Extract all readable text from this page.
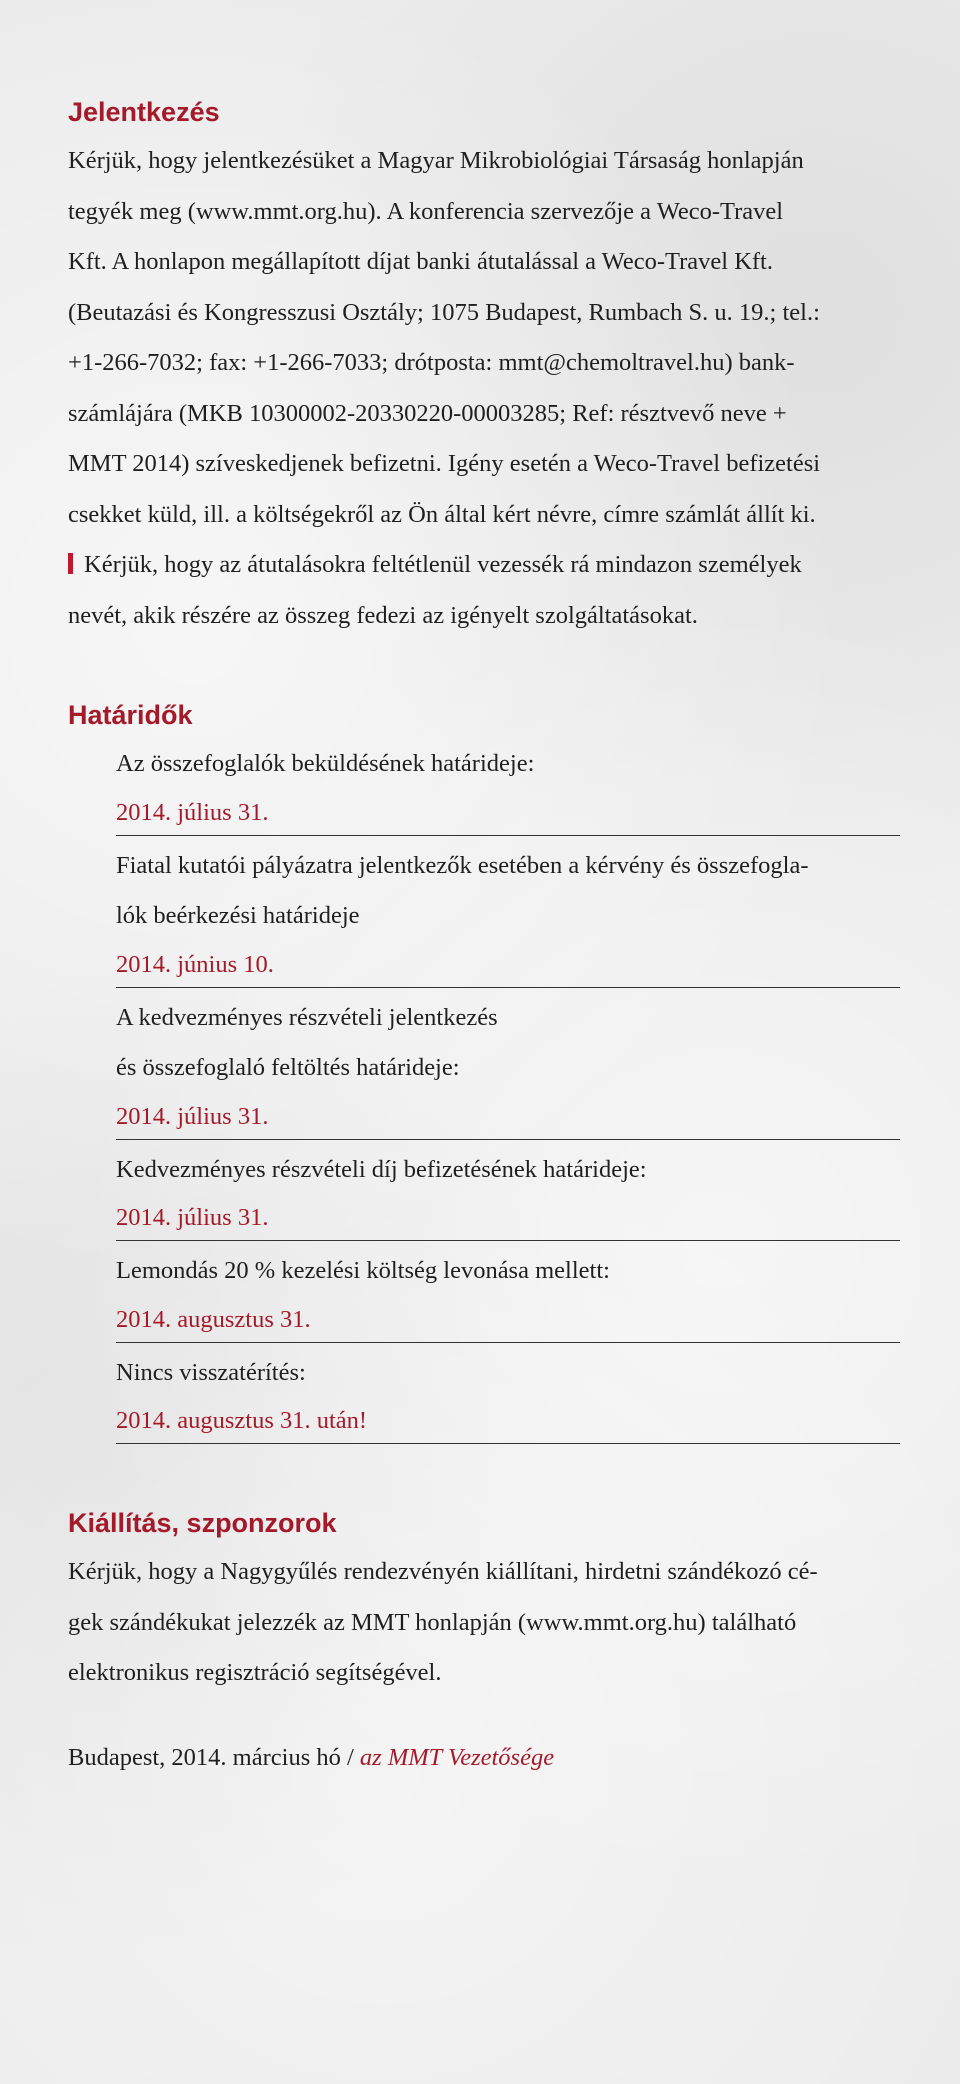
Jelentkezés

Kérjük, hogy jelentkezésüket a Magyar Mikrobiológiai Társaság honlapján

tegyék meg (www.mmt.org.hu). A konferencia szervezője a Weco-Travel

Kft. A honlapon megállapított díjat banki átutalással a Weco-Travel Kft.

(Beutazási és Kongresszusi Osztály; 1075 Budapest, Rumbach S. u. 19.; tel.:

+1-266-7032; fax: +1-266-7033; drótposta: mmt@chemoltravel.hu) bank-

számlájára (MKB 10300002-20330220-00003285; Ref: résztvevő neve +

MMT 2014) szíveskedjenek befizetni. Igény esetén a Weco-Travel befizetési

csekket küld, ill. a költségekről az Ön által kért névre, címre számlát állít ki.

Kérjük, hogy az átutalásokra feltétlenül vezessék rá mindazon személyek

nevét, akik részére az összeg fedezi az igényelt szolgáltatásokat.

Határidők

Az összefoglalók beküldésének határideje:

2014. július 31.

Fiatal kutatói pályázatra jelentkezők esetében a kérvény és összefogla-

lók beérkezési határideje

2014. június 10.

A kedvezményes részvételi jelentkezés

és összefoglaló feltöltés határideje:

2014. július 31.

Kedvezményes részvételi díj befizetésének határideje:

2014. július 31.

Lemondás 20 % kezelési költség levonása mellett:

2014. augusztus 31.

Nincs visszatérítés:

2014. augusztus 31. után!

Kiállítás, szponzorok

Kérjük, hogy a Nagygyűlés rendezvényén kiállítani, hirdetni szándékozó cé-

gek szándékukat jelezzék az MMT honlapján (www.mmt.org.hu) található

elektronikus regisztráció segítségével.

Budapest, 2014. március hó / az MMT Vezetősége
